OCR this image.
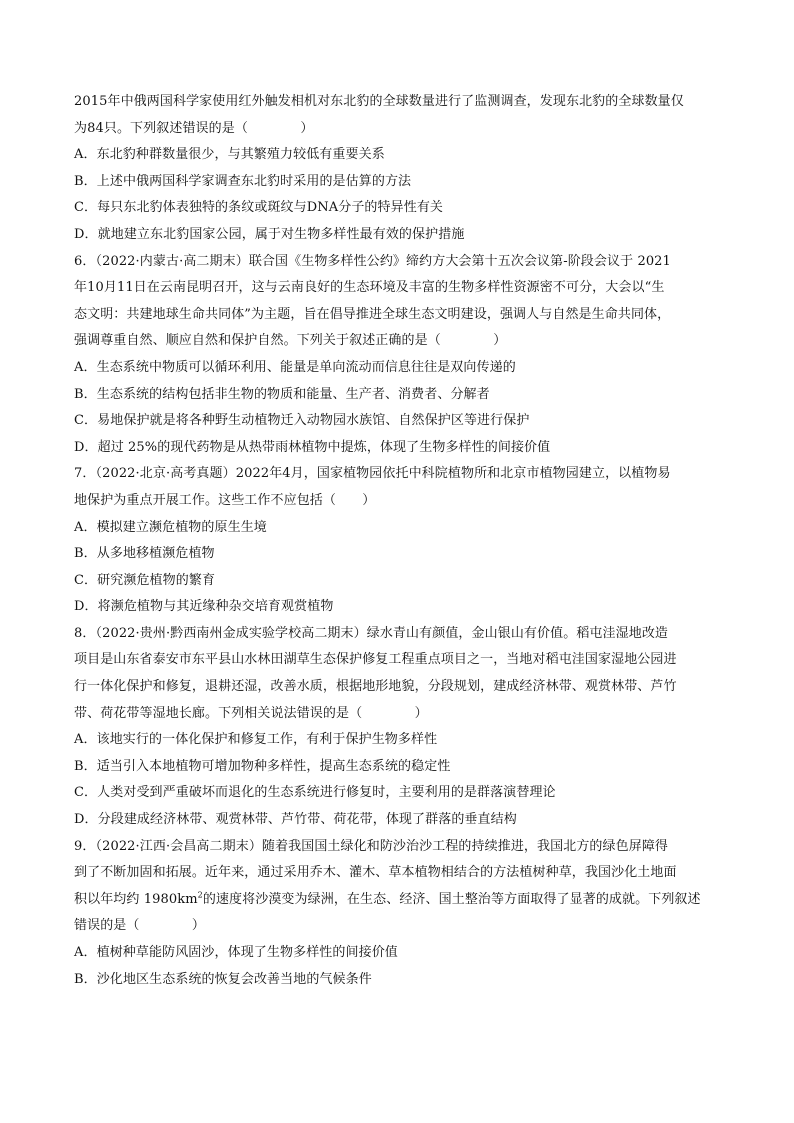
2015年中俄两国科学家使用红外触发相机对东北豹的全球数量进行了监测调查，发现东北豹的全球数量仅
为84只。下列叙述错误的是（　　　　）
A．东北豹种群数量很少，与其繁殖力较低有重要关系
B．上述中俄两国科学家调查东北豹时采用的是估算的方法
C．每只东北豹体表独特的条纹或斑纹与DNA分子的特异性有关
D．就地建立东北豹国家公园，属于对生物多样性最有效的保护措施
6．（2022·内蒙古·高二期末）联合国《生物多样性公约》缔约方大会第十五次会议第-阶段会议于 2021
年10月11日在云南昆明召开，这与云南良好的生态环境及丰富的生物多样性资源密不可分，大会以“生
态文明：共建地球生命共同体”为主题，旨在倡导推进全球生态文明建设，强调人与自然是生命共同体，
强调尊重自然、顺应自然和保护自然。下列关于叙述正确的是（　　　　）
A．生态系统中物质可以循环利用、能量是单向流动而信息往往是双向传递的
B．生态系统的结构包括非生物的物质和能量、生产者、消费者、分解者
C．易地保护就是将各种野生动植物迁入动物园水族馆、自然保护区等进行保护
D．超过 25%的现代药物是从热带雨林植物中提炼，体现了生物多样性的间接价值
7．（2022·北京·高考真题）2022年4月，国家植物园依托中科院植物所和北京市植物园建立，以植物易
地保护为重点开展工作。这些工作不应包括（　　）
A．模拟建立濒危植物的原生生境
B．从多地移植濒危植物
C．研究濒危植物的繁育
D．将濒危植物与其近缘种杂交培育观赏植物
8．（2022·贵州·黔西南州金成实验学校高二期末）绿水青山有颜值，金山银山有价值。稻屯洼湿地改造
项目是山东省泰安市东平县山水林田湖草生态保护修复工程重点项目之一，当地对稻屯洼国家湿地公园进
行一体化保护和修复，退耕还湿，改善水质，根据地形地貌，分段规划，建成经济林带、观赏林带、芦竹
带、荷花带等湿地长廊。下列相关说法错误的是（　　　　）
A．该地实行的一体化保护和修复工作，有利于保护生物多样性
B．适当引入本地植物可增加物种多样性，提高生态系统的稳定性
C．人类对受到严重破坏而退化的生态系统进行修复时，主要利用的是群落演替理论
D．分段建成经济林带、观赏林带、芦竹带、荷花带，体现了群落的垂直结构
9．（2022·江西·会昌高二期末）随着我国国土绿化和防沙治沙工程的持续推进，我国北方的绿色屏障得
到了不断加固和拓展。近年来，通过采用乔木、灌木、草本植物相结合的方法植树种草，我国沙化土地面
积以年均约 $1980km^2$的速度将沙漠变为绿洲，在生态、经济、国土整治等方面取得了显著的成就。下列叙述
错误的是（　　　　）
A．植树种草能防风固沙，体现了生物多样性的间接价值
B．沙化地区生态系统的恢复会改善当地的气候条件
